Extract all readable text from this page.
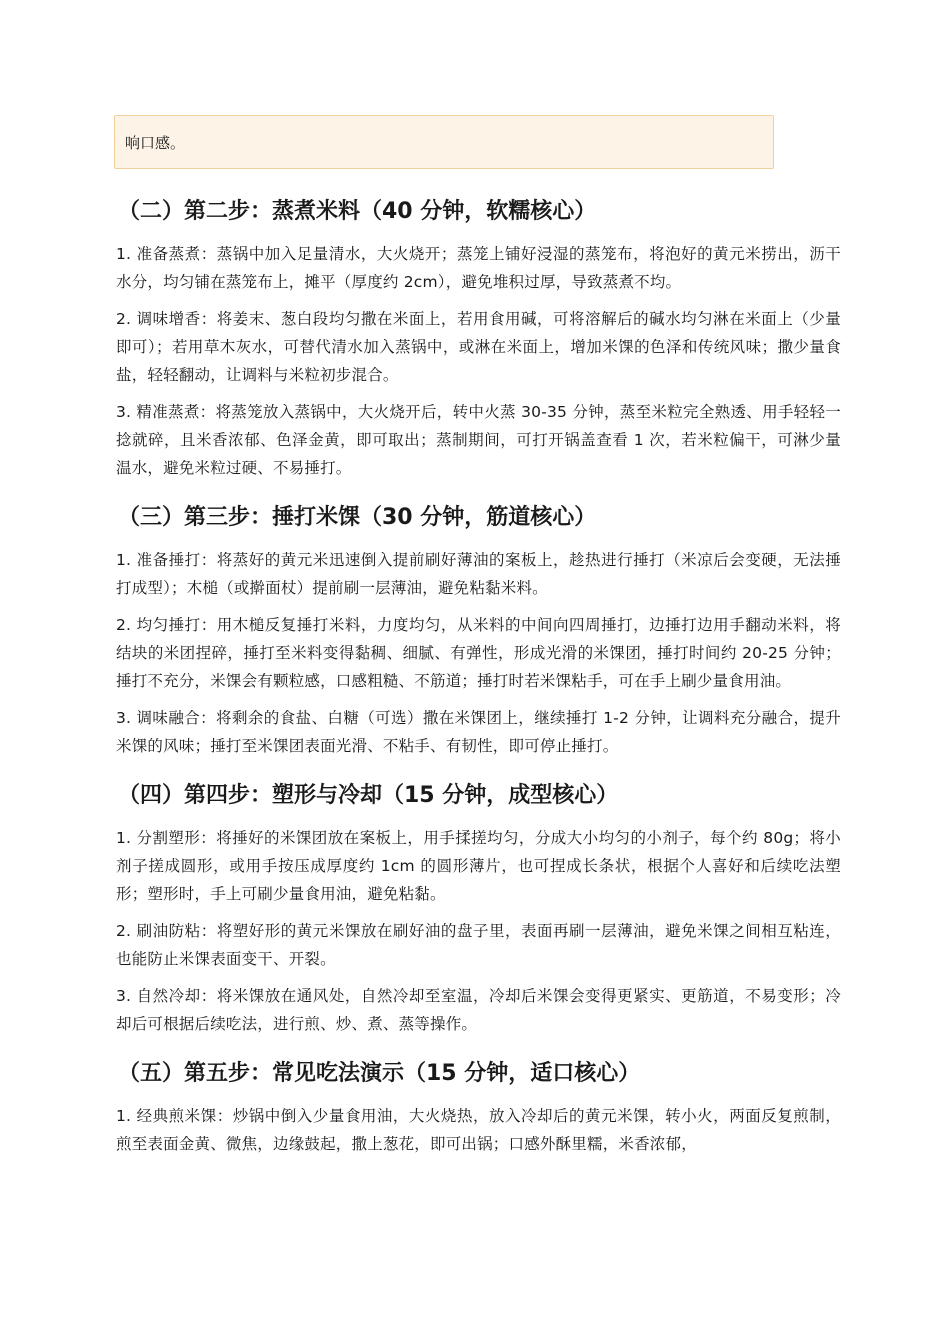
响口感。
（二）第二步：蒸煮米料（40 分钟，软糯核心）

1. 准备蒸煮：蒸锅中加入足量清水，大火烧开；蒸笼上铺好浸湿的蒸笼布，将泡好的黄元米捞出，沥干水分，均匀铺在蒸笼布上，摊平（厚度约 2cm），避免堆积过厚，导致蒸煮不均。

2. 调味增香：将姜末、葱白段均匀撒在米面上，若用食用碱，可将溶解后的碱水均匀淋在米面上（少量即可）；若用草木灰水，可替代清水加入蒸锅中，或淋在米面上，增加米馃的色泽和传统风味；撒少量食盐，轻轻翻动，让调料与米粒初步混合。

3. 精准蒸煮：将蒸笼放入蒸锅中，大火烧开后，转中火蒸 30-35 分钟，蒸至米粒完全熟透、用手轻轻一捻就碎，且米香浓郁、色泽金黄，即可取出；蒸制期间，可打开锅盖查看 1 次，若米粒偏干，可淋少量温水，避免米粒过硬、不易捶打。

（三）第三步：捶打米馃（30 分钟，筋道核心）

1. 准备捶打：将蒸好的黄元米迅速倒入提前刷好薄油的案板上，趁热进行捶打（米凉后会变硬，无法捶打成型）；木槌（或擀面杖）提前刷一层薄油，避免粘黏米料。

2. 均匀捶打：用木槌反复捶打米料，力度均匀，从米料的中间向四周捶打，边捶打边用手翻动米料，将结块的米团捏碎，捶打至米料变得黏稠、细腻、有弹性，形成光滑的米馃团，捶打时间约 20-25 分钟；捶打不充分，米馃会有颗粒感，口感粗糙、不筋道；捶打时若米馃粘手，可在手上刷少量食用油。

3. 调味融合：将剩余的食盐、白糖（可选）撒在米馃团上，继续捶打 1-2 分钟，让调料充分融合，提升米馃的风味；捶打至米馃团表面光滑、不粘手、有韧性，即可停止捶打。

（四）第四步：塑形与冷却（15 分钟，成型核心）

1. 分割塑形：将捶好的米馃团放在案板上，用手揉搓均匀，分成大小均匀的小剂子，每个约 80g；将小剂子搓成圆形，或用手按压成厚度约 1cm 的圆形薄片，也可捏成长条状，根据个人喜好和后续吃法塑形；塑形时，手上可刷少量食用油，避免粘黏。

2. 刷油防粘：将塑好形的黄元米馃放在刷好油的盘子里，表面再刷一层薄油，避免米馃之间相互粘连，也能防止米馃表面变干、开裂。

3. 自然冷却：将米馃放在通风处，自然冷却至室温，冷却后米馃会变得更紧实、更筋道，不易变形；冷却后可根据后续吃法，进行煎、炒、煮、蒸等操作。

（五）第五步：常见吃法演示（15 分钟，适口核心）

1. 经典煎米馃：炒锅中倒入少量食用油，大火烧热，放入冷却后的黄元米馃，转小火，两面反复煎制，煎至表面金黄、微焦，边缘鼓起，撒上葱花，即可出锅；口感外酥里糯，米香浓郁，
